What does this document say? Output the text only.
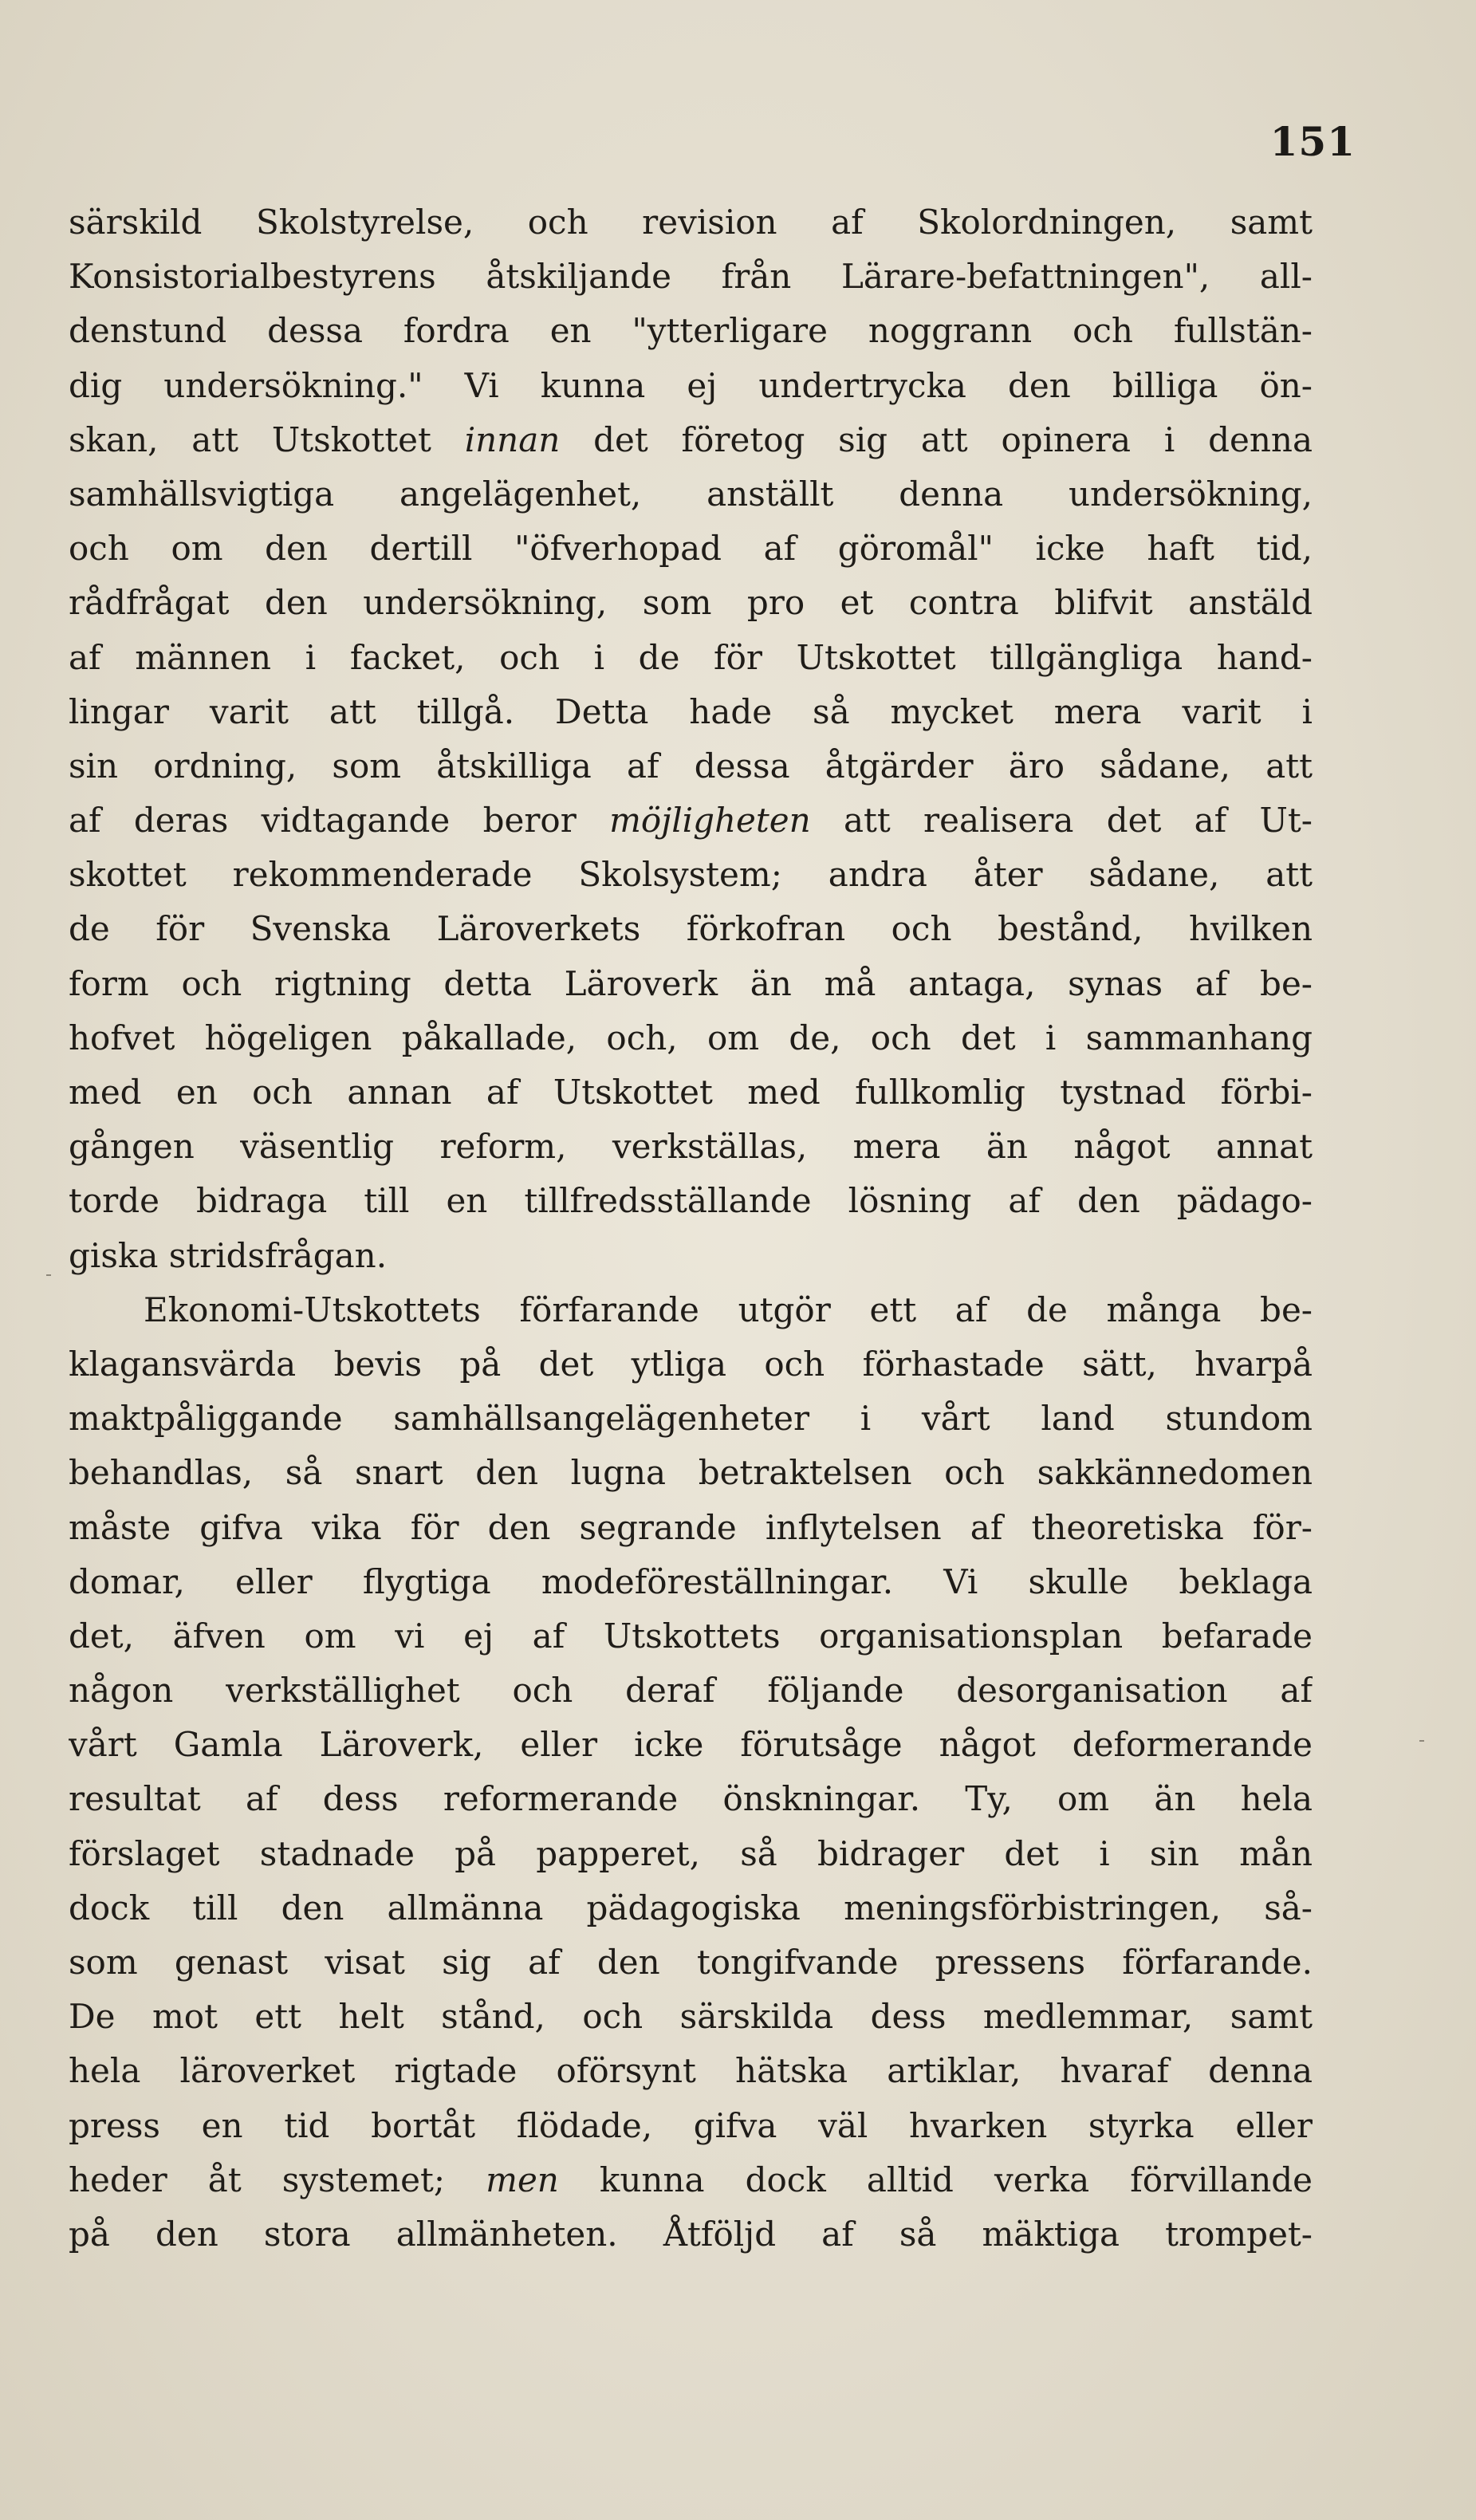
151
särskild Skolstyrelse, och revision af Skolordningen, samt
Konsistorialbestyrens åtskiljande från Lärare-befattningen", all-
denstund dessa fordra en "ytterligare noggrann och fullstän-
dig undersökning." Vi kunna ej undertrycka den billiga ön-
skan, att Utskottet innan det företog sig att opinera i denna
samhällsvigtiga angelägenhet, anställt denna undersökning,
och om den dertill "öfverhopad af göromål" icke haft tid,
rådfrågat den undersökning, som pro et contra blifvit anstäld
af männen i facket, och i de för Utskottet tillgängliga hand-
lingar varit att tillgå. Detta hade så mycket mera varit i
sin ordning, som åtskilliga af dessa åtgärder äro sådane, att
af deras vidtagande beror möjligheten att realisera det af Ut-
skottet rekommenderade Skolsystem; andra åter sådane, att
de för Svenska Läroverkets förkofran och bestånd, hvilken
form och rigtning detta Läroverk än må antaga, synas af be-
hofvet högeligen påkallade, och, om de, och det i sammanhang
med en och annan af Utskottet med fullkomlig tystnad förbi-
gången väsentlig reform, verkställas, mera än något annat
torde bidraga till en tillfredsställande lösning af den pädago-
giska stridsfrågan.
Ekonomi-Utskottets förfarande utgör ett af de många be-
klagansvärda bevis på det ytliga och förhastade sätt, hvarpå
maktpåliggande samhällsangelägenheter i vårt land stundom
behandlas, så snart den lugna betraktelsen och sakkännedomen
måste gifva vika för den segrande inflytelsen af theoretiska för-
domar, eller flygtiga modeföreställningar. Vi skulle beklaga
det, äfven om vi ej af Utskottets organisationsplan befarade
någon verkställighet och deraf följande desorganisation af
vårt Gamla Läroverk, eller icke förutsåge något deformerande
resultat af dess reformerande önskningar. Ty, om än hela
förslaget stadnade på papperet, så bidrager det i sin mån
dock till den allmänna pädagogiska meningsförbistringen, så-
som genast visat sig af den tongifvande pressens förfarande.
De mot ett helt stånd, och särskilda dess medlemmar, samt
hela läroverket rigtade oförsynt hätska artiklar, hvaraf denna
press en tid bortåt flödade, gifva väl hvarken styrka eller
heder åt systemet; men kunna dock alltid verka förvillande
på den stora allmänheten. Åtföljd af så mäktiga trompet-
